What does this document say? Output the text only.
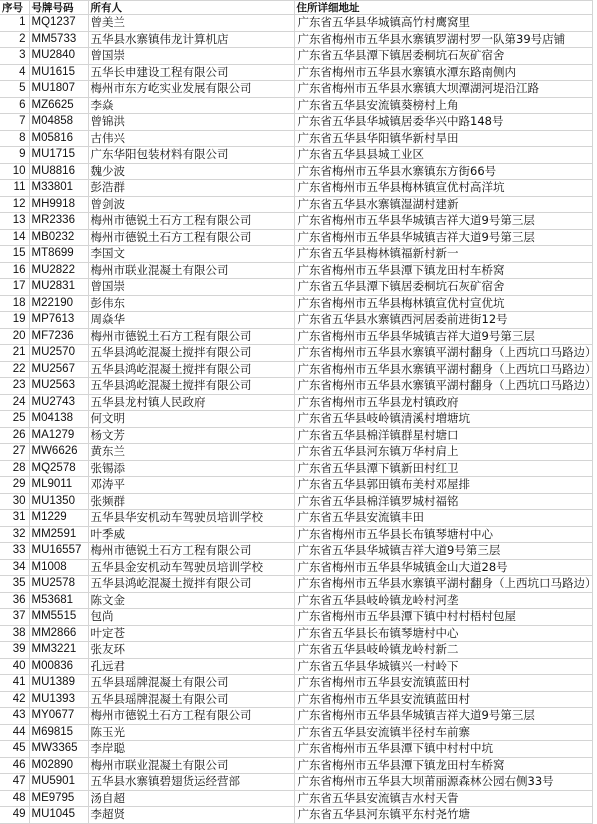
序号	号牌号码	所有人	住所详细地址
1	MQ1237	曾美兰	广东省五华县华城镇高竹村鹰窝里
2	MM5733	五华县水寨镇伟龙计算机店	广东省梅州市五华县水寨镇罗湖村罗一队第39号店铺
3	MU2840	曾国崇	广东省五华县潭下镇居委桐坑石灰矿宿舍
4	MU1615	五华长申建设工程有限公司	广东省梅州市五华县水寨镇水潭东路南侧内
5	MU1807	梅州市东方屹实业发展有限公司	广东省梅州市五华县水寨镇大坝潭湖河堤沿江路
6	MZ6625	李焱	广东省五华县安流镇葵榜村上角
7	M04858	曾锦洪	广东省五华县华城镇居委华兴中路148号
8	M05816	古伟兴	广东省五华县华阳镇华新村旱田
9	MU1715	广东华阳包装材料有限公司	广东省五华县县城工业区
10	MU8816	魏少波	广东省梅州市五华县水寨镇东方街66号
11	M33801	彭浩群	广东省梅州市五华县梅林镇宣优村高洋坑
12	MH9918	曾剑波	广东省五华县水寨镇湿湖村建新
13	MR2336	梅州市德锐土石方工程有限公司	广东省梅州市五华县华城镇吉祥大道9号第三层
14	MB0232	梅州市德锐土石方工程有限公司	广东省梅州市五华县华城镇吉祥大道9号第三层
15	MT8699	李国文	广东省五华县梅林镇福新村新一
16	MU2822	梅州市联业混凝土有限公司	广东省梅州市五华县潭下镇龙田村车桥窝
17	MU2831	曾国崇	广东省五华县潭下镇居委桐坑石灰矿宿舍
18	M22190	彭伟东	广东省梅州市五华县梅林镇宣优村宣优坑
19	MP7613	周焱华	广东省五华县水寨镇西河居委前进街12号
20	MF7236	梅州市德锐土石方工程有限公司	广东省梅州市五华县华城镇吉祥大道9号第三层
21	MU2570	五华县鸿屹混凝土搅拌有限公司	广东省梅州市五华县水寨镇平湖村翻身（上西坑口马路边）
22	MU2567	五华县鸿屹混凝土搅拌有限公司	广东省梅州市五华县水寨镇平湖村翻身（上西坑口马路边）
23	MU2563	五华县鸿屹混凝土搅拌有限公司	广东省梅州市五华县水寨镇平湖村翻身（上西坑口马路边）
24	MU2743	五华县龙村镇人民政府	广东省梅州市五华县龙村镇政府
25	M04138	何文明	广东省五华县岐岭镇清溪村増塘坑
26	MA1279	杨文芳	广东省五华县棉洋镇群星村塘口
27	MW6626	黄东兰	广东省五华县河东镇万华村肩上
28	MQ2578	张锡添	广东省五华县潭下镇新田村红卫
29	ML9011	邓涛平	广东省五华县郭田镇布美村邓屋排
30	MU1350	张频群	广东省五华县棉洋镇罗城村福铭
31	M1229	五华县华安机动车驾驶员培训学校	广东省五华县安流镇丰田
32	MM2591	叶季威	广东省梅州市五华县长布镇琴塘村中心
33	MU16557	梅州市德锐土石方工程有限公司	广东省五华县华城镇吉祥大道9号第三层
34	M1008	五华县金安机动车驾驶员培训学校	广东省梅州市五华县华城镇金山大道28号
35	MU2578	五华县鸿屹混凝土搅拌有限公司	广东省梅州市五华县水寨镇平湖村翻身（上西坑口马路边）
36	M53681	陈文金	广东省五华县岐岭镇龙岭村河垄
37	MM5515	包尚	广东省梅州市五华县潭下镇中村村梧村包屋
38	MM2866	叶定苍	广东省五华县长布镇琴塘村中心
39	MM3221	张友环	广东省五华县岐岭镇龙岭村新二
40	M00836	孔远君	广东省五华县华城镇兴一村岭下
41	MU1389	五华县瑶牌混凝土有限公司	广东省梅州市五华县安流镇蓝田村
42	MU1393	五华县瑶牌混凝土有限公司	广东省梅州市五华县安流镇蓝田村
43	MY0677	梅州市德锐土石方工程有限公司	广东省梅州市五华县华城镇吉祥大道9号第三层
44	M69815	陈玉光	广东省五华县安流镇半径村车前寨
45	MW3365	李岸聪	广东省梅州市五华县潭下镇中村村中坑
46	M02890	梅州市联业混凝土有限公司	广东省梅州市五华县潭下镇龙田村车桥窝
47	MU5901	五华县水寨镇碧翅货运经营部	广东省梅州市五华县大坝莆丽源森林公园右侧33号
48	ME9795	汤自超	广东省五华县安流镇吉水村天眚
49	MU1045	李超贤	广东省五华县河东镇平东村尧竹塘
